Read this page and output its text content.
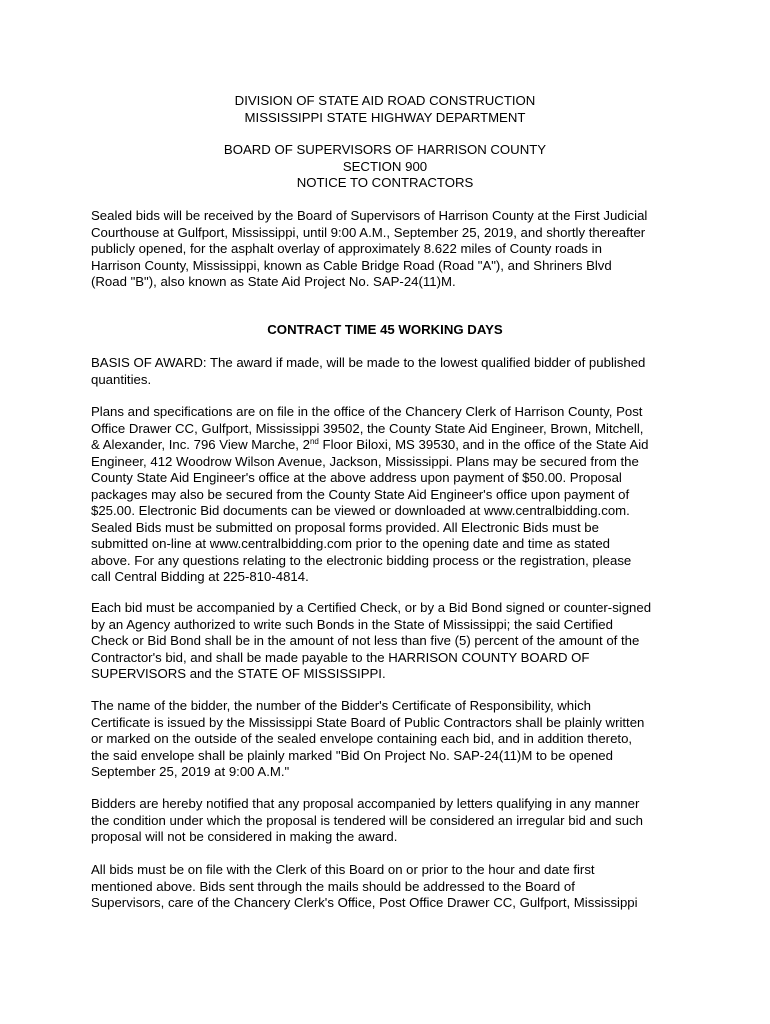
DIVISION OF STATE AID ROAD CONSTRUCTION
MISSISSIPPI STATE HIGHWAY DEPARTMENT
BOARD OF SUPERVISORS OF HARRISON COUNTY
SECTION 900
NOTICE TO CONTRACTORS
Sealed bids will be received by the Board of Supervisors of Harrison County at the First Judicial
Courthouse at Gulfport, Mississippi, until 9:00 A.M., September 25, 2019, and shortly thereafter
publicly opened, for the asphalt overlay of approximately 8.622 miles of County roads in
Harrison County, Mississippi, known as Cable Bridge Road (Road "A"), and Shriners Blvd
(Road "B"), also known as State Aid Project No. SAP-24(11)M.
CONTRACT TIME 45 WORKING DAYS
BASIS OF AWARD: The award if made, will be made to the lowest qualified bidder of published
quantities.
Plans and specifications are on file in the office of the Chancery Clerk of Harrison County, Post
Office Drawer CC, Gulfport, Mississippi 39502, the County State Aid Engineer, Brown, Mitchell,
& Alexander, Inc. 796 View Marche, 2nd Floor Biloxi, MS 39530, and in the office of the State Aid
Engineer, 412 Woodrow Wilson Avenue, Jackson, Mississippi. Plans may be secured from the
County State Aid Engineer's office at the above address upon payment of $50.00. Proposal
packages may also be secured from the County State Aid Engineer's office upon payment of
$25.00. Electronic Bid documents can be viewed or downloaded at www.centralbidding.com.
Sealed Bids must be submitted on proposal forms provided. All Electronic Bids must be
submitted on-line at www.centralbidding.com prior to the opening date and time as stated
above. For any questions relating to the electronic bidding process or the registration, please
call Central Bidding at 225-810-4814.
Each bid must be accompanied by a Certified Check, or by a Bid Bond signed or counter-signed
by an Agency authorized to write such Bonds in the State of Mississippi; the said Certified
Check or Bid Bond shall be in the amount of not less than five (5) percent of the amount of the
Contractor's bid, and shall be made payable to the HARRISON COUNTY BOARD OF
SUPERVISORS and the STATE OF MISSISSIPPI.
The name of the bidder, the number of the Bidder's Certificate of Responsibility, which
Certificate is issued by the Mississippi State Board of Public Contractors shall be plainly written
or marked on the outside of the sealed envelope containing each bid, and in addition thereto,
the said envelope shall be plainly marked "Bid On Project No. SAP-24(11)M to be opened
September 25, 2019 at 9:00 A.M."
Bidders are hereby notified that any proposal accompanied by letters qualifying in any manner
the condition under which the proposal is tendered will be considered an irregular bid and such
proposal will not be considered in making the award.
All bids must be on file with the Clerk of this Board on or prior to the hour and date first
mentioned above. Bids sent through the mails should be addressed to the Board of
Supervisors, care of the Chancery Clerk's Office, Post Office Drawer CC, Gulfport, Mississippi
